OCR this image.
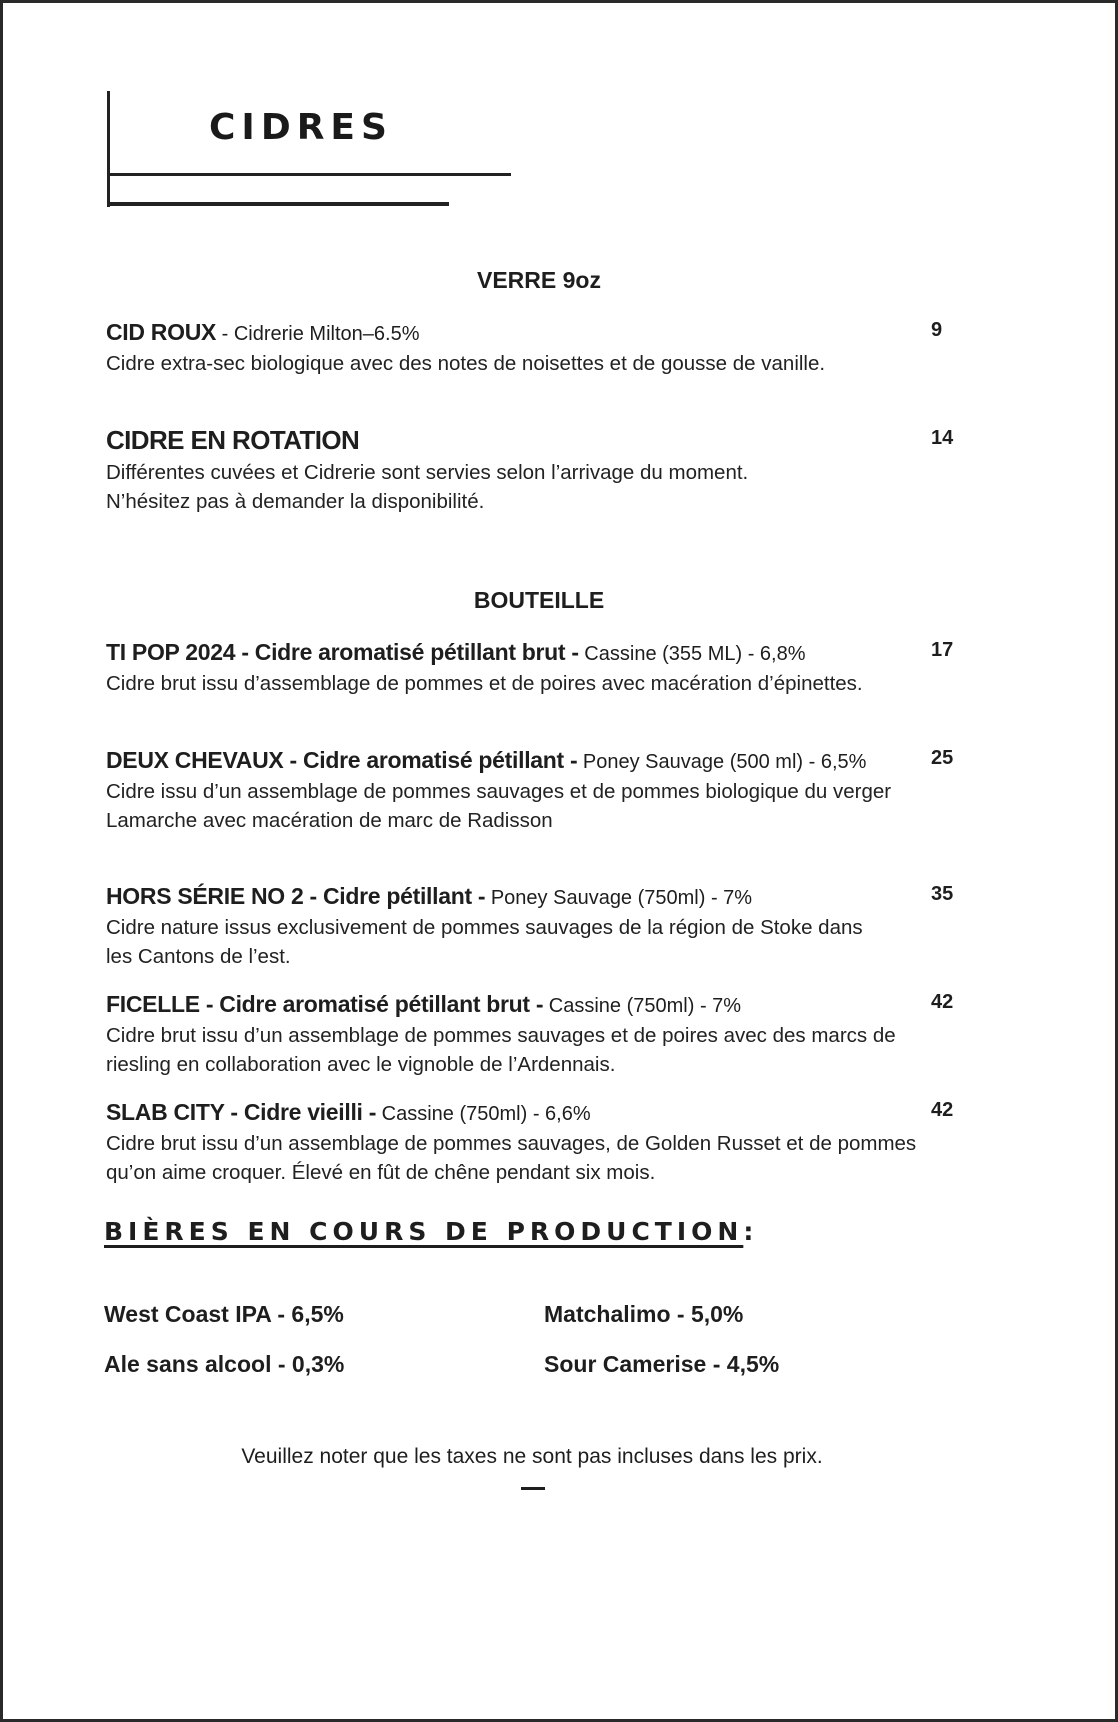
CIDRES
VERRE 9oz
CID ROUX - Cidrerie Milton–6.5%
Cidre extra-sec biologique avec des notes de noisettes et de gousse de vanille.
9
CIDRE EN ROTATION
Différentes cuvées et Cidrerie sont servies selon l’arrivage du moment.
N’hésitez pas à demander la disponibilité.
14
BOUTEILLE
TI POP 2024 - Cidre aromatisé pétillant brut - Cassine (355 ML) - 6,8%
Cidre brut issu d’assemblage de pommes et de poires avec macération d’épinettes.
17
DEUX CHEVAUX - Cidre aromatisé pétillant - Poney Sauvage (500 ml) - 6,5%
Cidre issu d’un assemblage de pommes sauvages et de pommes biologique du verger Lamarche avec macération de marc de Radisson
25
HORS SÉRIE NO 2 - Cidre pétillant - Poney Sauvage (750ml) - 7%
Cidre nature issus exclusivement de pommes sauvages de la région de Stoke dans les Cantons de l’est.
35
FICELLE - Cidre aromatisé pétillant brut - Cassine (750ml) - 7%
Cidre brut issu d’un assemblage de pommes sauvages et de poires avec des marcs de riesling en collaboration avec le vignoble de l’Ardennais.
42
SLAB CITY - Cidre vieilli - Cassine (750ml) - 6,6%
Cidre brut issu d’un assemblage de pommes sauvages, de Golden Russet et de pommes qu’on aime croquer. Élevé en fût de chêne pendant six mois.
42
BIÈRES EN COURS DE PRODUCTION:
West Coast IPA - 6,5%	Matchalimo - 5,0%
Ale sans alcool - 0,3%	Sour Camerise - 4,5%
Veuillez noter que les taxes ne sont pas incluses dans les prix.
